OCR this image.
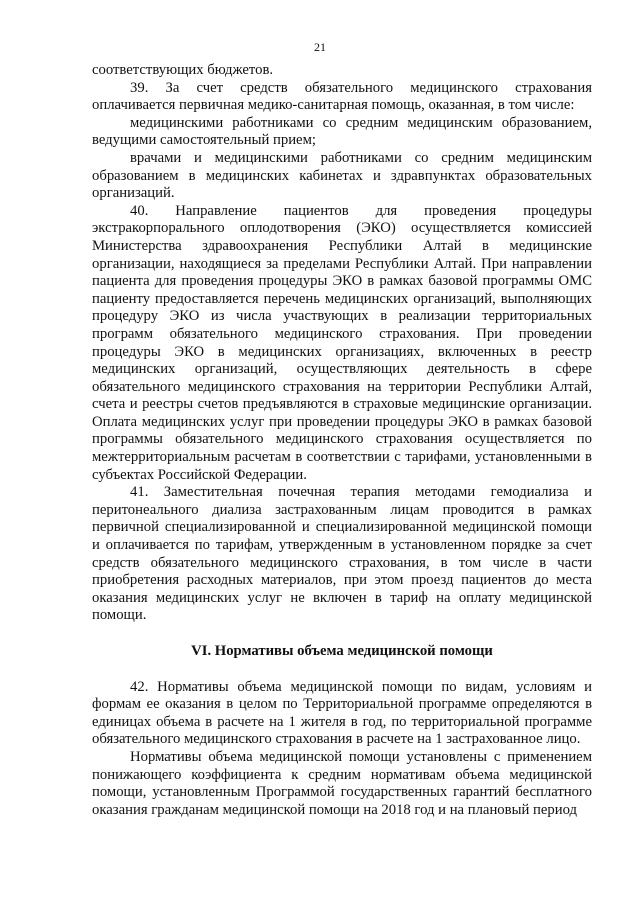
21

соответствующих бюджетов.

39. За счет средств обязательного медицинского страхования оплачивается первичная медико-санитарная помощь, оказанная, в том числе:

медицинскими работниками со средним медицинским образованием, ведущими самостоятельный прием;

врачами и медицинскими работниками со средним медицинским образованием в медицинских кабинетах и здравпунктах образовательных организаций.

40. Направление пациентов для проведения процедуры экстракорпорального оплодотворения (ЭКО) осуществляется комиссией Министерства здравоохранения Республики Алтай в медицинские организации, находящиеся за пределами Республики Алтай. При направлении пациента для проведения процедуры ЭКО в рамках базовой программы ОМС пациенту предоставляется перечень медицинских организаций, выполняющих процедуру ЭКО из числа участвующих в реализации территориальных программ обязательного медицинского страхования. При проведении процедуры ЭКО в медицинских организациях, включенных в реестр медицинских организаций, осуществляющих деятельность в сфере обязательного медицинского страхования на территории Республики Алтай, счета и реестры счетов предъявляются в страховые медицинские организации. Оплата медицинских услуг при проведении процедуры ЭКО в рамках базовой программы обязательного медицинского страхования осуществляется по межтерриториальным расчетам в соответствии с тарифами, установленными в субъектах Российской Федерации.

41. Заместительная почечная терапия методами гемодиализа и перитонеального диализа застрахованным лицам проводится в рамках первичной специализированной и специализированной медицинской помощи и оплачивается по тарифам, утвержденным в установленном порядке за счет средств обязательного медицинского страхования, в том числе в части приобретения расходных материалов, при этом проезд пациентов до места оказания медицинских услуг не включен в тариф на оплату медицинской помощи.

VI. Нормативы объема медицинской помощи

42. Нормативы объема медицинской помощи по видам, условиям и формам ее оказания в целом по Территориальной программе определяются в единицах объема в расчете на 1 жителя в год, по территориальной программе обязательного медицинского страхования в расчете на 1 застрахованное лицо.

Нормативы объема медицинской помощи установлены с применением понижающего коэффициента к средним нормативам объема медицинской помощи, установленным Программой государственных гарантий бесплатного оказания гражданам медицинской помощи на 2018 год и на плановый период
